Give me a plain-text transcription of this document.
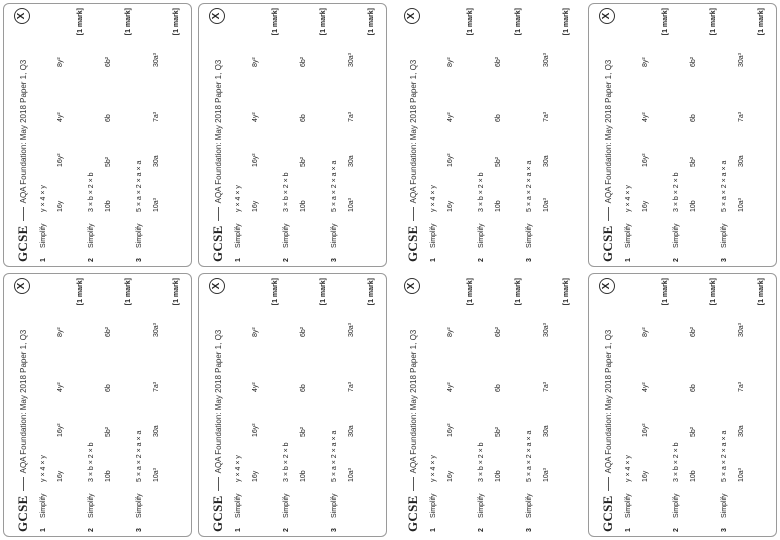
GCSE
AQA Foundation: May 2018 Paper 1, Q3
X
1
Simplify
y × 4 × y 16y
16y²
4y²
8y²
[1 mark]
2
Simplify
3 × b × 2 × b 10b
5b²
6b
6b²
[1 mark]
3
Simplify
5 × a × 2 × a × a 10a³
30a
7a³
30a³
[1 mark]
GCSE
AQA Foundation: May 2018 Paper 1, Q3
X
1
Simplify
y × 4 × y 16y
16y²
4y²
8y²
[1 mark]
2
Simplify
3 × b × 2 × b 10b
5b²
6b
6b²
[1 mark]
3
Simplify
5 × a × 2 × a × a 10a³
30a
7a³
30a³
[1 mark]
GCSE
AQA Foundation: May 2018 Paper 1, Q3
X
1
Simplify
y × 4 × y 16y
16y²
4y²
8y²
[1 mark]
2
Simplify
3 × b × 2 × b 10b
5b²
6b
6b²
[1 mark]
3
Simplify
5 × a × 2 × a × a 10a³
30a
7a³
30a³
[1 mark]
GCSE
AQA Foundation: May 2018 Paper 1, Q3
X
1
Simplify
y × 4 × y 16y
16y²
4y²
8y²
[1 mark]
2
Simplify
3 × b × 2 × b 10b
5b²
6b
6b²
[1 mark]
3
Simplify
5 × a × 2 × a × a 10a³
30a
7a³
30a³
[1 mark]
GCSE
AQA Foundation: May 2018 Paper 1, Q3
X
1
Simplify
y × 4 × y 16y
16y²
4y²
8y²
[1 mark]
2
Simplify
3 × b × 2 × b 10b
5b²
6b
6b²
[1 mark]
3
Simplify
5 × a × 2 × a × a 10a³
30a
7a³
30a³
[1 mark]
GCSE
AQA Foundation: May 2018 Paper 1, Q3
X
1
Simplify
y × 4 × y 16y
16y²
4y²
8y²
[1 mark]
2
Simplify
3 × b × 2 × b 10b
5b²
6b
6b²
[1 mark]
3
Simplify
5 × a × 2 × a × a 10a³
30a
7a³
30a³
[1 mark]
GCSE
AQA Foundation: May 2018 Paper 1, Q3
X
1
Simplify
y × 4 × y 16y
16y²
4y²
8y²
[1 mark]
2
Simplify
3 × b × 2 × b 10b
5b²
6b
6b²
[1 mark]
3
Simplify
5 × a × 2 × a × a 10a³
30a
7a³
30a³
[1 mark]
GCSE
AQA Foundation: May 2018 Paper 1, Q3
X
1
Simplify
y × 4 × y 16y
16y²
4y²
8y²
[1 mark]
2
Simplify
3 × b × 2 × b 10b
5b²
6b
6b²
[1 mark]
3
Simplify
5 × a × 2 × a × a 10a³
30a
7a³
30a³
[1 mark]
